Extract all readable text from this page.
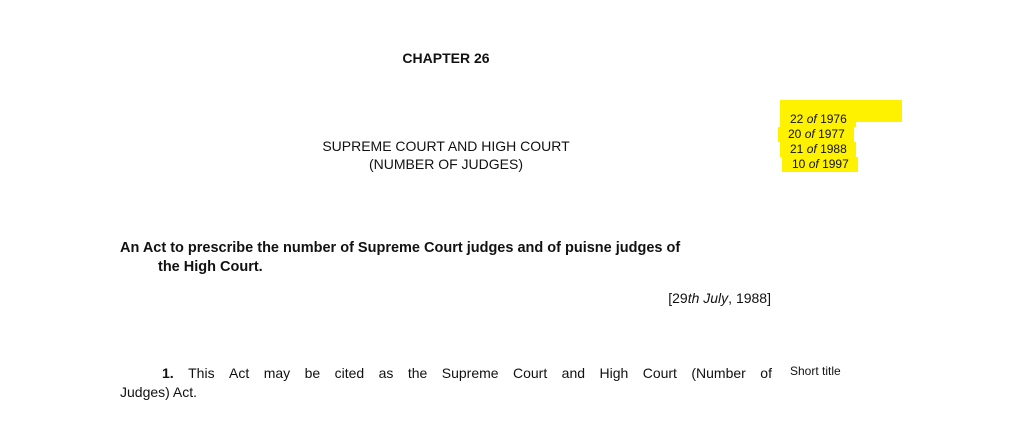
CHAPTER 26
SUPREME COURT AND HIGH COURT
(NUMBER OF JUDGES)
22 of 1976
20 of 1977
21 of 1988
10 of 1997
An Act to prescribe the number of Supreme Court judges and of puisne judges of
the High Court.
[29th July, 1988]
1. This Act may be cited as the Supreme Court and High Court (Number of
Judges) Act.
Short title
